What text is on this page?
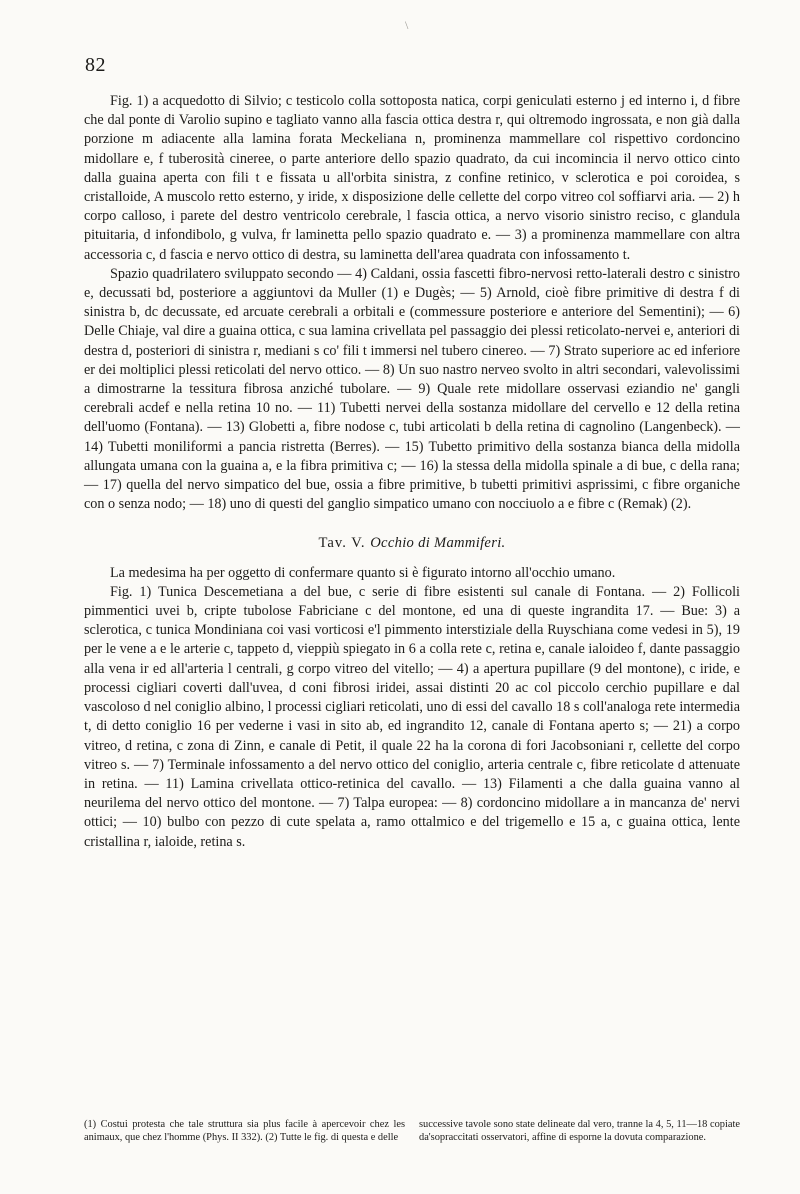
\
82

Fig. 1) a acquedotto di Silvio; c testicolo colla sottoposta natica, corpi geniculati esterno j ed interno i, d fibre che dal ponte di Varolio supino e tagliato vanno alla fascia ottica destra r, qui oltremodo ingrossata, e non già dalla porzione m adiacente alla lamina forata Meckeliana n, prominenza mammellare col rispettivo cordoncino midollare e, f tuberosità cineree, o parte anteriore dello spazio quadrato, da cui incomincia il nervo ottico cinto dalla guaina aperta con fili t e fissata u all'orbita sinistra, z confine retinico, v sclerotica e poi coroidea, s cristalloide, A muscolo retto esterno, y iride, x disposizione delle cellette del corpo vitreo col soffiarvi aria. — 2) h corpo calloso, i parete del destro ventricolo cerebrale, l fascia ottica, a nervo visorio sinistro reciso, c glandula pituitaria, d infondibolo, g vulva, fr laminetta pello spazio quadrato e. — 3) a prominenza mammellare con altra accessoria c, d fascia e nervo ottico di destra, su laminetta dell'area quadrata con infossamento t.

Spazio quadrilatero sviluppato secondo — 4) Caldani, ossia fascetti fibro-nervosi retto-laterali destro c sinistro e, decussati bd, posteriore a aggiuntovi da Muller (1) e Dugès; — 5) Arnold, cioè fibre primitive di destra f di sinistra b, dc decussate, ed arcuate cerebrali a orbitali e (commessure posteriore e anteriore del Sementini); — 6) Delle Chiaje, val dire a guaina ottica, c sua lamina crivellata pel passaggio dei plessi reticolato-nervei e, anteriori di destra d, posteriori di sinistra r, mediani s co' fili t immersi nel tubero cinereo. — 7) Strato superiore ac ed inferiore er dei moltiplici plessi reticolati del nervo ottico. — 8) Un suo nastro nerveo svolto in altri secondari, valevolissimi a dimostrarne la tessitura fibrosa anziché tubolare. — 9) Quale rete midollare osservasi eziandio ne' gangli cerebrali acdef e nella retina 10 no. — 11) Tubetti nervei della sostanza midollare del cervello e 12 della retina dell'uomo (Fontana). — 13) Globetti a, fibre nodose c, tubi articolati b della retina di cagnolino (Langenbeck). — 14) Tubetti moniliformi a pancia ristretta (Berres). — 15) Tubetto primitivo della sostanza bianca della midolla allungata umana con la guaina a, e la fibra primitiva c; — 16) la stessa della midolla spinale a di bue, c della rana; — 17) quella del nervo simpatico del bue, ossia a fibre primitive, b tubetti primitivi asprissimi, c fibre organiche con o senza nodo; — 18) uno di questi del ganglio simpatico umano con nocciuolo a e fibre c (Remak) (2).

Tav. V. Occhio di Mammiferi.

La medesima ha per oggetto di confermare quanto si è figurato intorno all'occhio umano.

Fig. 1) Tunica Descemetiana a del bue, c serie di fibre esistenti sul canale di Fontana. — 2) Follicoli pimmentici uvei b, cripte tubolose Fabriciane c del montone, ed una di queste ingrandita 17. — Bue: 3) a sclerotica, c tunica Mondiniana coi vasi vorticosi e'l pimmento interstiziale della Ruyschiana come vedesi in 5), 19 per le vene a e le arterie c, tappeto d, vieppiù spiegato in 6 a colla rete c, retina e, canale ialoideo f, dante passaggio alla vena ir ed all'arteria l centrali, g corpo vitreo del vitello; — 4) a apertura pupillare (9 del montone), c iride, e processi cigliari coverti dall'uvea, d coni fibrosi iridei, assai distinti 20 ac col piccolo cerchio pupillare e dal vascoloso d nel coniglio albino, l processi cigliari reticolati, uno di essi del cavallo 18 s coll'analoga rete intermedia t, di detto coniglio 16 per vederne i vasi in sito ab, ed ingrandito 12, canale di Fontana aperto s; — 21) a corpo vitreo, d retina, c zona di Zinn, e canale di Petit, il quale 22 ha la corona di fori Jacobsoniani r, cellette del corpo vitreo s. — 7) Terminale infossamento a del nervo ottico del coniglio, arteria centrale c, fibre reticolate d attenuate in retina. — 11) Lamina crivellata ottico-retinica del cavallo. — 13) Filamenti a che dalla guaina vanno al neurilema del nervo ottico del montone. — 7) Talpa europea: — 8) cordoncino midollare a in mancanza de' nervi ottici; — 10) bulbo con pezzo di cute spelata a, ramo ottalmico e del trigemello e 15 a, c guaina ottica, lente cristallina r, ialoide, retina s.

(1) Costui protesta che tale struttura sia plus facile à apercevoir chez les animaux, que chez l'homme (Phys. II 332). (2) Tutte le fig. di questa e delle
successive tavole sono state delineate dal vero, tranne la 4, 5, 11—18 copiate da'sopraccitati osservatori, affine di esporne la dovuta comparazione.
